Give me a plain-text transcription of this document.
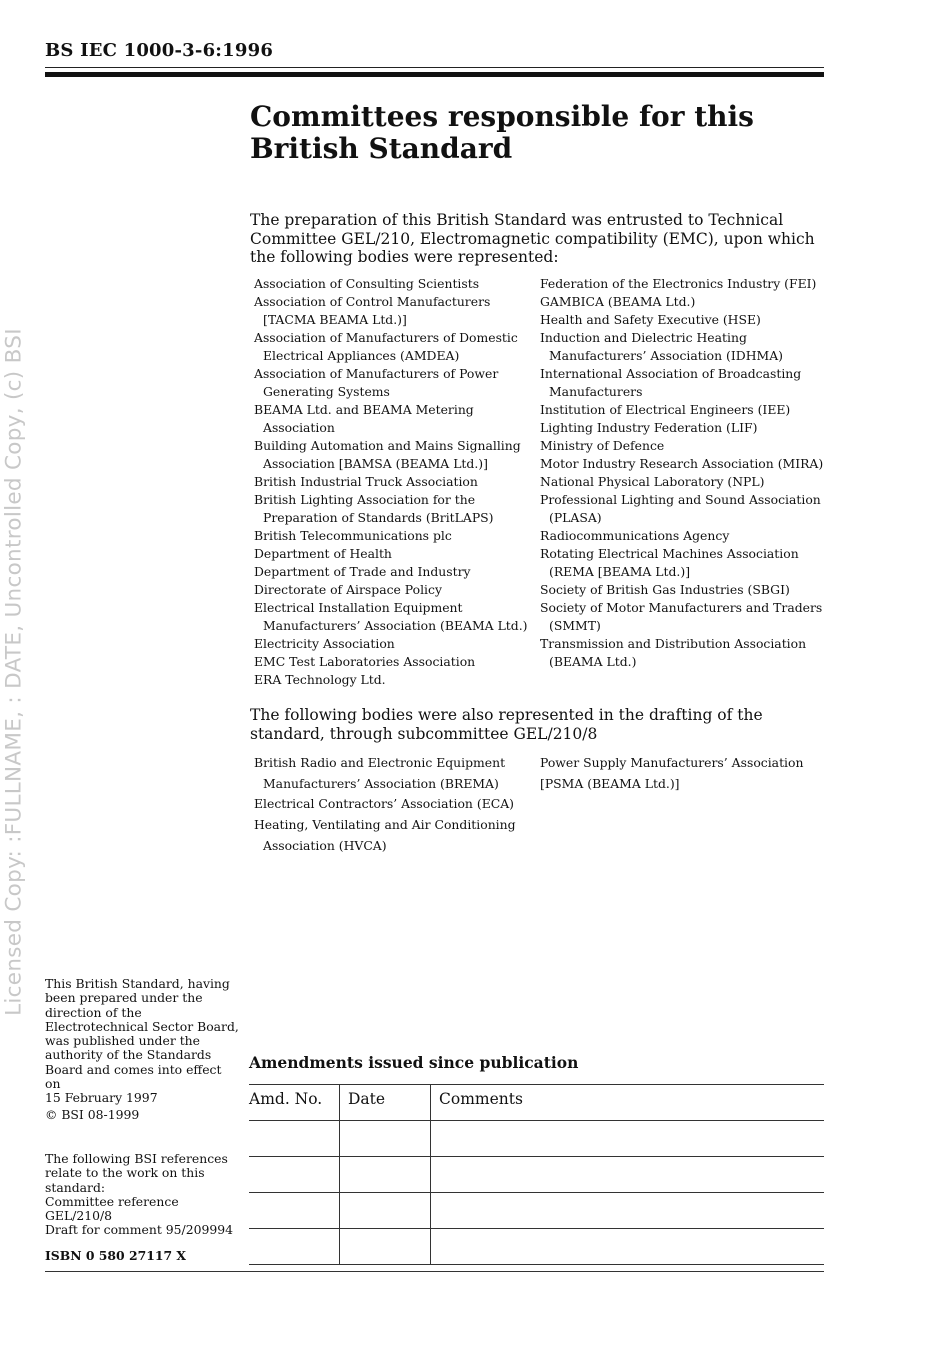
BS IEC 1000-3-6:1996
Committees responsible for this
British Standard
The preparation of this British Standard was entrusted to Technical Committee GEL/210, Electromagnetic compatibility (EMC), upon which the following bodies were represented:
Association of Consulting Scientists
Association of Control Manufacturers [TACMA BEAMA Ltd.)]
Association of Manufacturers of Domestic Electrical Appliances (AMDEA)
Association of Manufacturers of Power Generating Systems
BEAMA Ltd. and BEAMA Metering Association
Building Automation and Mains Signalling Association [BAMSA (BEAMA Ltd.)]
British Industrial Truck Association
British Lighting Association for the Preparation of Standards (BritLAPS)
British Telecommunications plc
Department of Health
Department of Trade and Industry
Directorate of Airspace Policy
Electrical Installation Equipment Manufacturers’ Association (BEAMA Ltd.)
Electricity Association
EMC Test Laboratories Association
ERA Technology Ltd.
Federation of the Electronics Industry (FEI)
GAMBICA (BEAMA Ltd.)
Health and Safety Executive (HSE)
Induction and Dielectric Heating Manufacturers’ Association (IDHMA)
International Association of Broadcasting Manufacturers
Institution of Electrical Engineers (IEE)
Lighting Industry Federation (LIF)
Ministry of Defence
Motor Industry Research Association (MIRA)
National Physical Laboratory (NPL)
Professional Lighting and Sound Association (PLASA)
Radiocommunications Agency
Rotating Electrical Machines Association (REMA [BEAMA Ltd.)]
Society of British Gas Industries (SBGI)
Society of Motor Manufacturers and Traders (SMMT)
Transmission and Distribution Association (BEAMA Ltd.)
The following bodies were also represented in the drafting of the standard, through subcommittee GEL/210/8
British Radio and Electronic Equipment Manufacturers’ Association (BREMA)
Electrical Contractors’ Association (ECA)
Heating, Ventilating and Air Conditioning Association (HVCA)
Power Supply Manufacturers’ Association
[PSMA (BEAMA Ltd.)]
This British Standard, having been prepared under the direction of the Electrotechnical Sector Board, was published under the authority of the Standards Board and comes into effect on
15 February 1997
© BSI 08-1999
The following BSI references relate to the work on this standard:
Committee reference GEL/210/8
Draft for comment 95/209994
ISBN 0 580 27117 X
Amendments issued since publication
Amd. No.	Date	Comments
Licensed Copy: :FULLNAME, : DATE, Uncontrolled Copy, (c) BSI
